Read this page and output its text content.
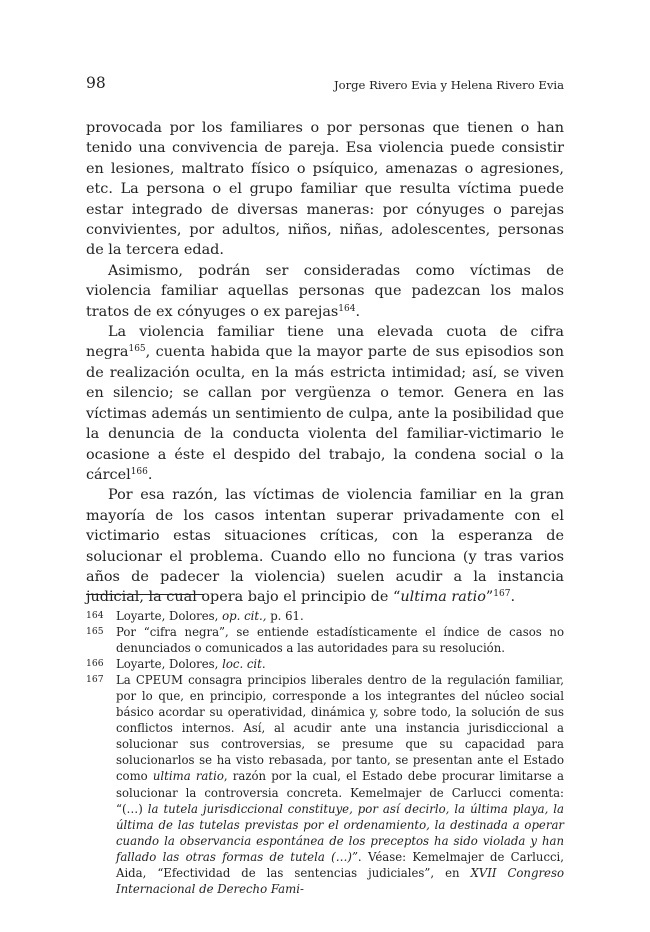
98	Jorge Rivero Evia y Helena Rivero Evia

provocada por los familiares o por personas que tienen o han tenido una convivencia de pareja. Esa violencia puede consistir en lesiones, maltrato físico o psíquico, amenazas o agresiones, etc. La persona o el grupo familiar que resulta víctima puede estar integrado de diversas maneras: por cónyuges o parejas convivientes, por adultos, niños, niñas, adolescentes, personas de la tercera edad.

Asimismo, podrán ser consideradas como víctimas de violencia familiar aquellas personas que padezcan los malos tratos de ex cónyuges o ex parejas$^{164}$.

La violencia familiar tiene una elevada cuota de cifra negra$^{165}$, cuenta habida que la mayor parte de sus episodios son de realización oculta, en la más estricta intimidad; así, se viven en silencio; se callan por vergüenza o temor. Genera en las víctimas además un sentimiento de culpa, ante la posibilidad que la denuncia de la conducta violenta del familiar-victimario le ocasione a éste el despido del trabajo, la condena social o la cárcel$^{166}$.

Por esa razón, las víctimas de violencia familiar en la gran mayoría de los casos intentan superar privadamente con el victimario estas situaciones críticas, con la esperanza de solucionar el problema. Cuando ello no funciona (y tras varios años de padecer la violencia) suelen acudir a la instancia judicial, la cual opera bajo el principio de “ultima ratio”$^{167}$.

164 Loyarte, Dolores, op. cit., p. 61.
165 Por “cifra negra”, se entiende estadísticamente el índice de casos no denunciados o comunicados a las autoridades para su resolución.
166 Loyarte, Dolores, loc. cit.
167 La CPEUM consagra principios liberales dentro de la regulación familiar, por lo que, en principio, corresponde a los integrantes del núcleo social básico acordar su operatividad, dinámica y, sobre todo, la solución de sus conflictos internos. Así, al acudir ante una instancia jurisdiccional a solucionar sus controversias, se presume que su capacidad para solucionarlos se ha visto rebasada, por tanto, se presentan ante el Estado como ultima ratio, razón por la cual, el Estado debe procurar limitarse a solucionar la controversia concreta. Kemelmajer de Carlucci comenta: “(…) la tutela jurisdiccional constituye, por así decirlo, la última playa, la última de las tutelas previstas por el ordenamiento, la destinada a operar cuando la observancia espontánea de los preceptos ha sido violada y han fallado las otras formas de tutela (…)”. Véase: Kemelmajer de Carlucci, Aida, “Efectividad de las sentencias judiciales”, en XVII Congreso Internacional de Derecho Fami-
